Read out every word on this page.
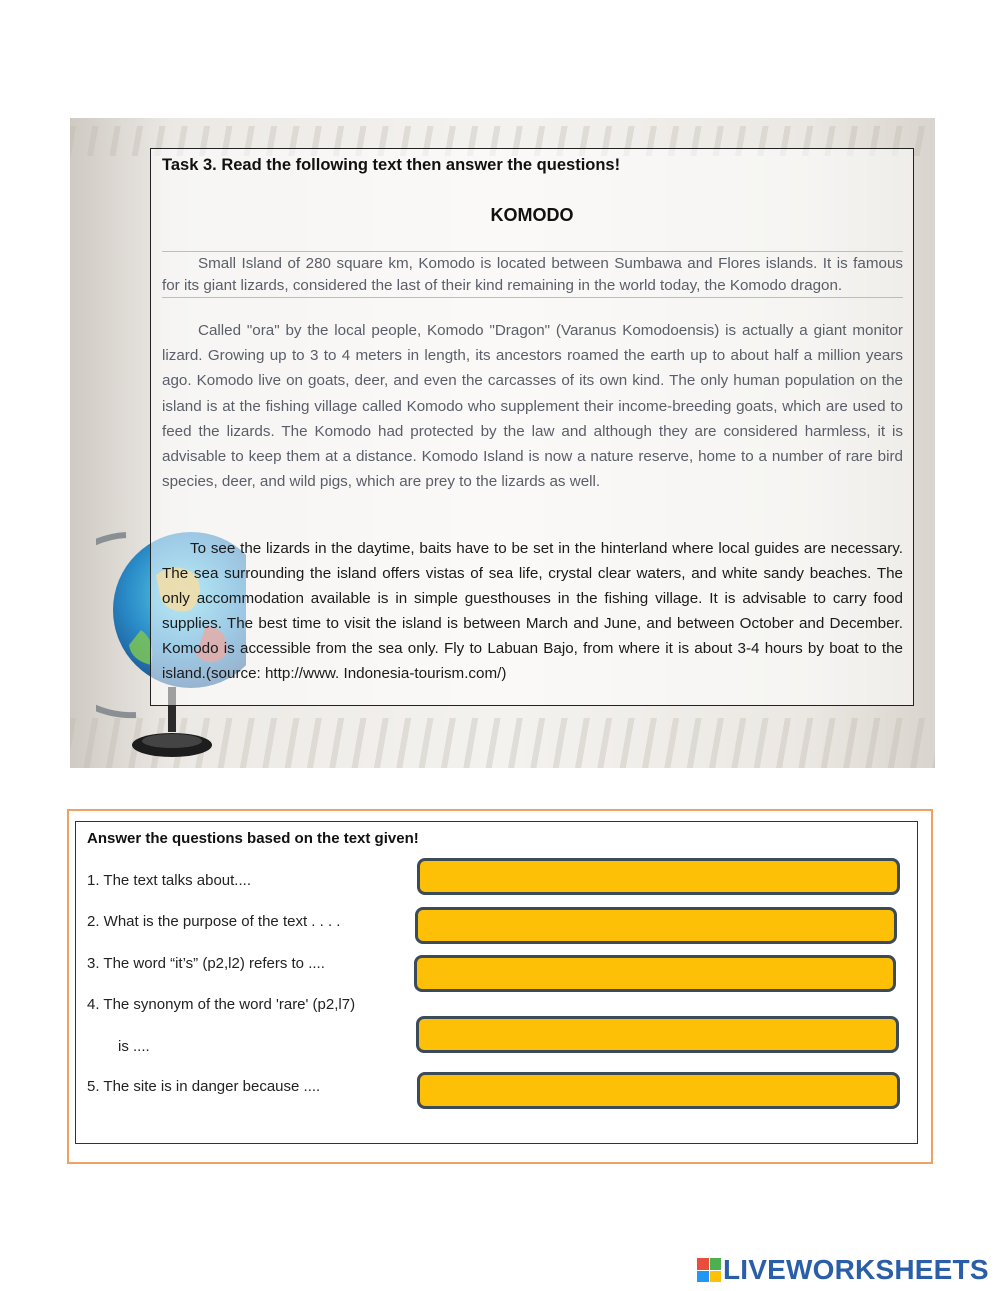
Task 3. Read the following text then answer the questions!
KOMODO

Small Island of 280 square km, Komodo is located between Sumbawa and Flores islands. It is famous for its giant lizards, considered the last of their kind remaining in the world today, the Komodo dragon.

Called "ora" by the local people, Komodo "Dragon" (Varanus Komodoensis) is actually a giant monitor lizard. Growing up to 3 to 4 meters in length, its ancestors roamed the earth up to about half a million years ago. Komodo live on goats, deer, and even the carcasses of its own kind. The only human population on the island is at the fishing village called Komodo who supplement their income-breeding goats, which are used to feed the lizards. The Komodo had protected by the law and although they are considered harmless, it is advisable to keep them at a distance. Komodo Island is now a nature reserve, home to a number of rare bird species, deer, and wild pigs, which are prey to the lizards as well.

To see the lizards in the daytime, baits have to be set in the hinterland where local guides are necessary. The sea surrounding the island offers vistas of sea life, crystal clear waters, and white sandy beaches. The only accommodation available is in simple guesthouses in the fishing village. It is advisable to carry food supplies. The best time to visit the island is between March and June, and between October and December. Komodo is accessible from the sea only. Fly to Labuan Bajo, from where it is about 3-4 hours by boat to the island.(source: http://www. Indonesia-tourism.com/)

Answer the questions based on the text given!
1. The text talks about....
2. What is the purpose of the text . . . .
3. The word “it’s” (p2,l2) refers to ....
4. The synonym of the word 'rare' (p2,l7)
is ....
5. The site is in danger because ....
LIVEWORKSHEETS
